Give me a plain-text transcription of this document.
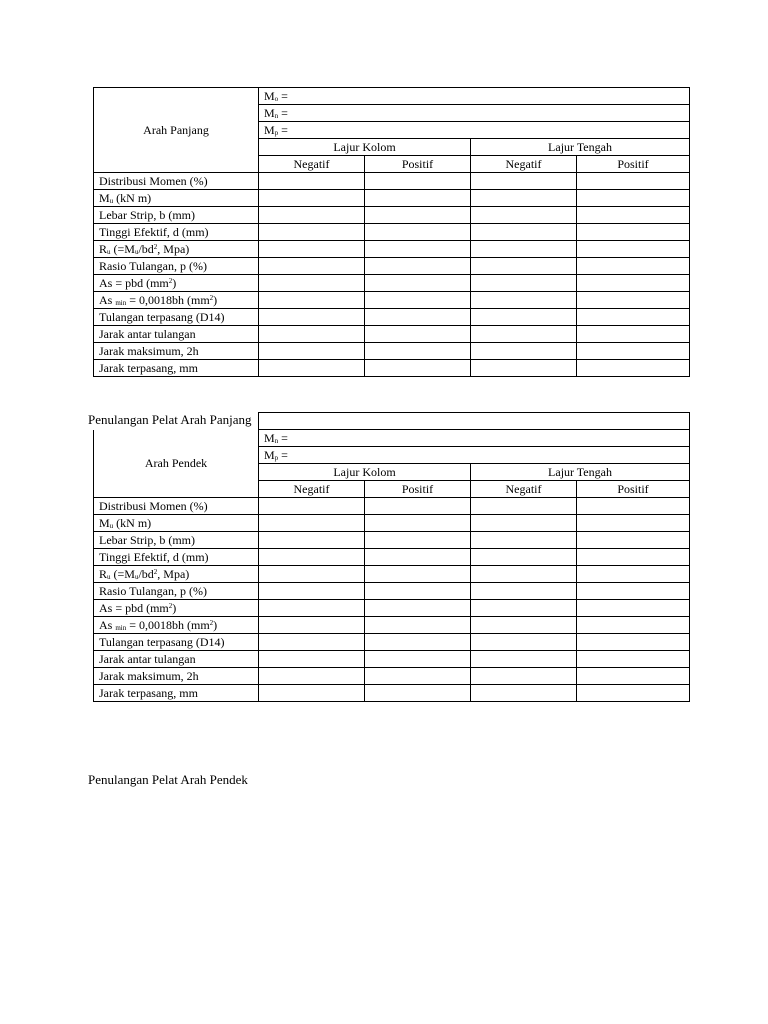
Arah Panjang	Mo =			
	Mn =			
	Mp =			
	Lajur Kolom		Lajur Tengah	
	Negatif	Positif	Negatif	Positif
Distribusi Momen (%)				
Mu (kN m)				
Lebar Strip, b (mm)				
Tinggi Efektif, d (mm)				
Ru ($=Mu/bd^2$, Mpa)				
Rasio Tulangan, p (%)				
As = pbd $(mm^2)$				
As min = 0,0018bh $(mm^2)$				
Tulangan terpasang (D14)				
Jarak antar tulangan				
Jarak maksimum, 2h				
Jarak terpasang, mm				
Penulangan Pelat Arah Panjang

Arah Pendek	Mn =			
	Mp =			
	Lajur Kolom		Lajur Tengah	
	Negatif	Positif	Negatif	Positif
Distribusi Momen (%)				
Mu (kN m)				
Lebar Strip, b (mm)				
Tinggi Efektif, d (mm)				
Ru ($=Mu/bd^2$, Mpa)				
Rasio Tulangan, p (%)				
As = pbd $(mm^2)$				
As min = 0,0018bh $(mm^2)$				
Tulangan terpasang (D14)				
Jarak antar tulangan				
Jarak maksimum, 2h				
Jarak terpasang, mm				
Penulangan Pelat Arah Pendek
